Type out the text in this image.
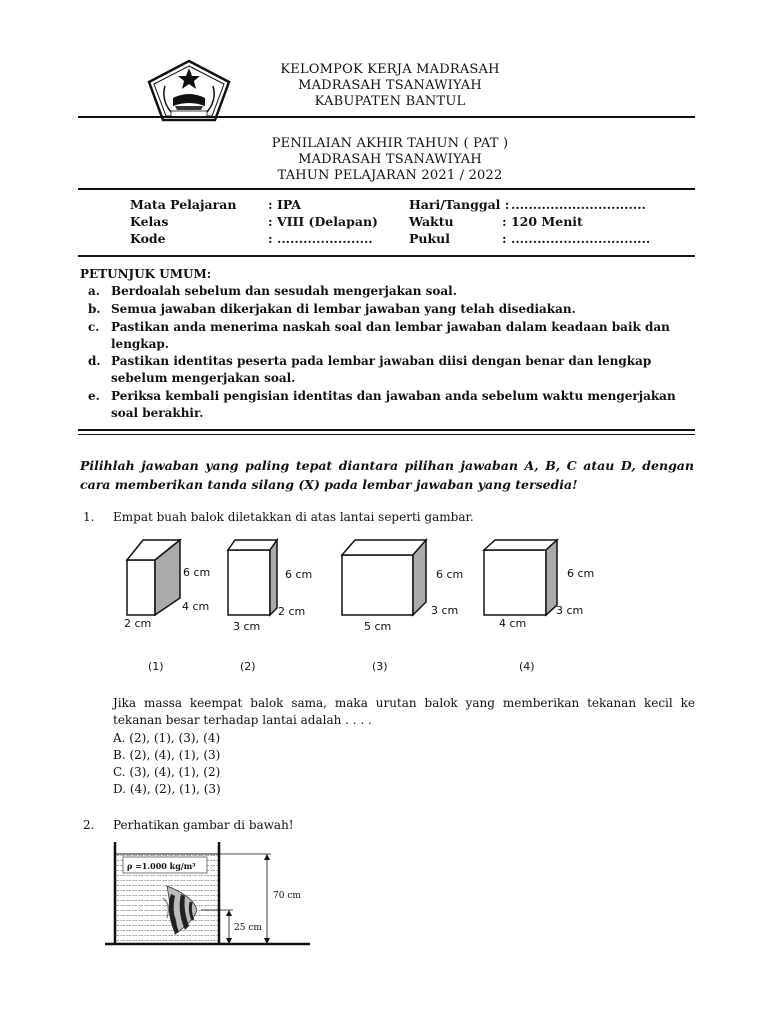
KELOMPOK KERJA MADRASAH
MADRASAH TSANAWIYAH
KABUPATEN BANTUL
PENILAIAN AKHIR TAHUN ( PAT )
MADRASAH TSANAWIYAH
TAHUN PELAJARAN 2021 / 2022
Mata Pelajaran	: IPA	Hari/Tanggal : ...............................
Kelas	: VIII (Delapan) Waktu	: 120 Menit
Kode	: ......................	Pukul	: ................................
PETUNJUK UMUM:
a. Berdoalah sebelum dan sesudah mengerjakan soal.
b. Semua jawaban dikerjakan di lembar jawaban yang telah disediakan.
c. Pastikan anda menerima naskah soal dan lembar jawaban dalam keadaan baik dan lengkap.
d. Pastikan identitas peserta pada lembar jawaban diisi dengan benar dan lengkap sebelum mengerjakan soal.
e. Periksa kembali pengisian identitas dan jawaban anda sebelum waktu mengerjakan soal berakhir.
Pilihlah jawaban yang paling tepat diantara pilihan jawaban A, B, C atau D, dengan cara memberikan tanda silang (X) pada lembar jawaban yang tersedia!
1. Empat buah balok diletakkan di atas lantai seperti gambar.
6 cm
4 cm
2 cm
6 cm
2 cm
3 cm
6 cm
3 cm
5 cm
6 cm
3 cm
4 cm
(1)	(2)	(3)	(4)
Jika massa keempat balok sama, maka urutan balok yang memberikan tekanan kecil ke tekanan besar terhadap lantai adalah . . . .
A. (2), (1), (3), (4)
B. (2), (4), (1), (3)
C. (3), (4), (1), (2)
D. (4), (2), (1), (3)
2. Perhatikan gambar di bawah!
ρ =1.000 kg/m³
70 cm
25 cm
